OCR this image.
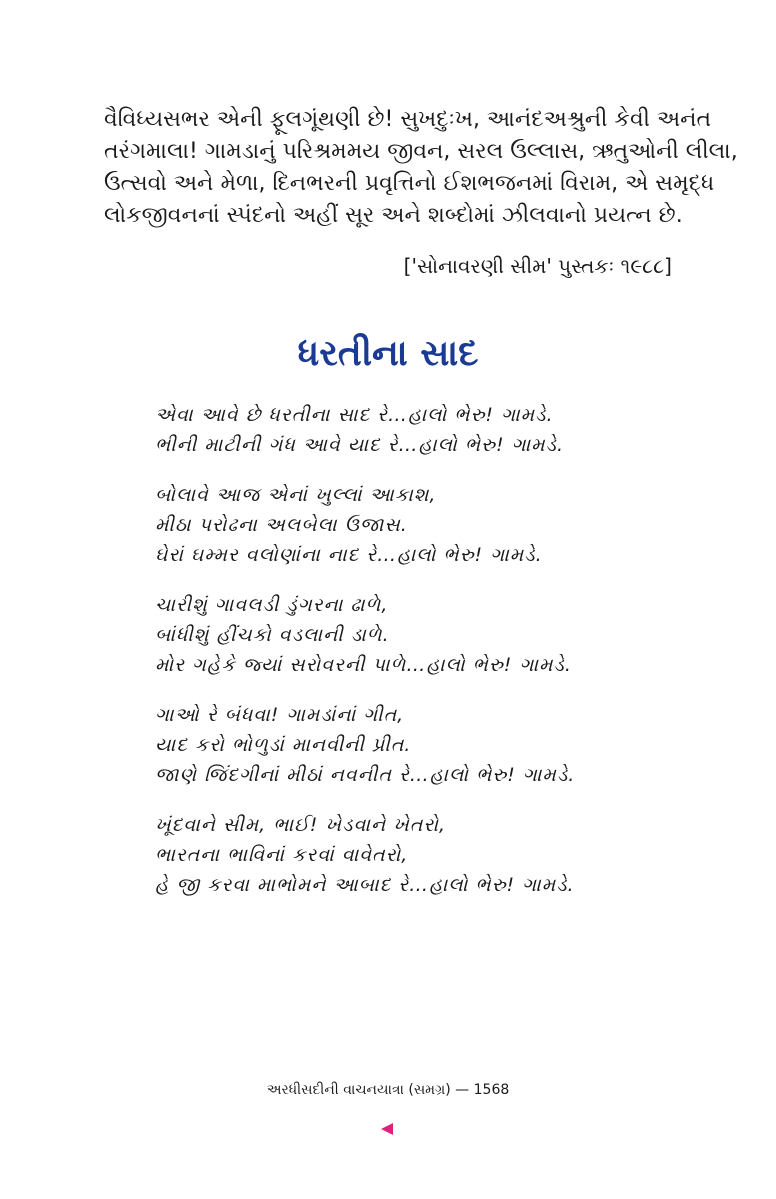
વૈવિધ્યસભર એની ફૂલગૂંથણી છે! સુખદુઃખ, આનંદઅશ્રુની કેવી અનંત
તરંગમાલા! ગામડાનું પરિશ્રમમય જીવન, સરલ ઉલ્લાસ, ઋતુઓની લીલા,
ઉત્સવો અને મેળા, દિનભરની પ્રવૃત્તિનો ઈશભજનમાં વિરામ, એ સમૃદ્ધ
લોકજીવનનાં સ્પંદનો અહીં સૂર અને શબ્દોમાં ઝીલવાનો પ્રયત્ન છે.
['સોનાવરણી સીમ' પુસ્તકઃ ૧૯૮૮]
ધરતીના સાદ
એવા આવે છે ધરતીના સાદ રે…હાલો ભેરુ! ગામડે.
ભીની માટીની ગંધ આવે યાદ રે…હાલો ભેરુ! ગામડે.
બોલાવે આજ એનાં ખુલ્લાં આકાશ,
મીઠા પરોઢના અલબેલા ઉજાસ.
ઘેરાં ઘમ્મર વલોણાંના નાદ રે…હાલો ભેરુ! ગામડે.
ચારીશું ગાવલડી ડુંગરના ઢાળે,
બાંધીશું હીંચકો વડલાની ડાળે.
મોર ગહેકે જ્યાં સરોવરની પાળે…હાલો ભેરુ! ગામડે.
ગાઓ રે બંધવા! ગામડાંનાં ગીત,
યાદ કરો ભોળુડાં માનવીની પ્રીત.
જાણે જિંદગીનાં મીઠાં નવનીત રે…હાલો ભેરુ! ગામડે.
ખૂંદવાને સીમ, ભાઈ! ખેડવાને ખેતરો,
ભારતના ભાવિનાં કરવાં વાવેતરો,
હે જી કરવા માભોમને આબાદ રે…હાલો ભેરુ! ગામડે.
અરધીસદીની વાચનયાત્રા (સમગ્ર) — 1568
